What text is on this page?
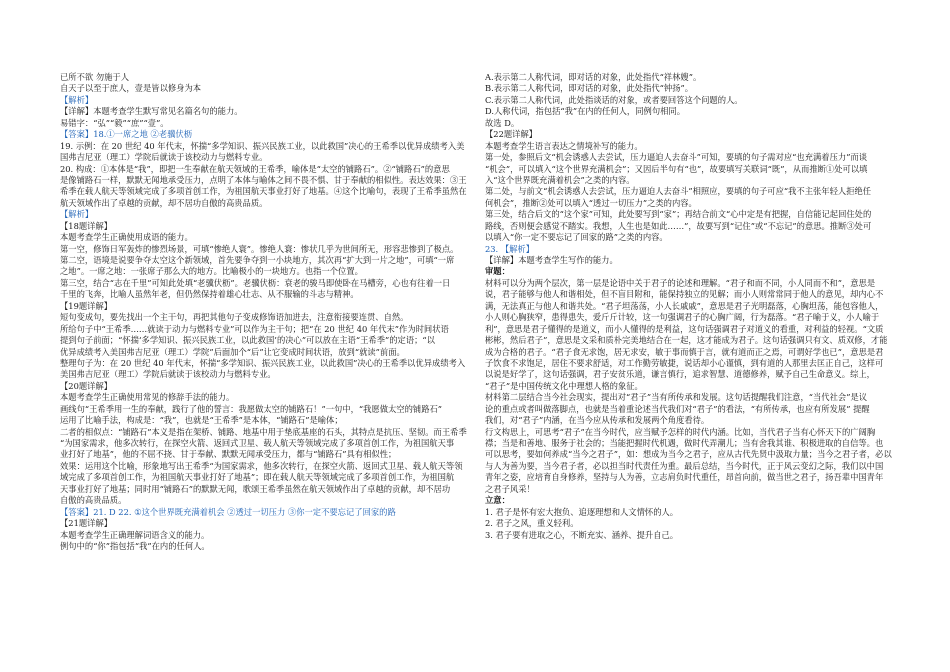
已所不欲 勿施于人
自天子以至于庶人，壹是皆以修身为本
【解析】
【详解】本题考查学生默写常见名篇名句的能力。
易错字：“弘”“毅”“庶”“壹”。
【答案】18.①一席之地 ②老骥伏枥
19. 示例：在 20 世纪 40 年代末，怀揣“多学知识、振兴民族工业，以此救国”决心的王希季以优异成绩考入美
国弗吉尼亚（理工）学院后就读于该校动力与燃料专业。
20. 构成：①本体是“我”，即把一生奉献在航天领域的王希季，喻体是“太空的铺路石”。②“铺路石”的意思
是像铺路石一样，默默无闻地承受压力，点明了本体与喻体之间不畏不惧、甘于奉献的相似性。表达效果：③王
希季在载人航天等领域完成了多项首创工作，为祖国航天事业打好了地基。④这个比喻句，表现了王希季虽然在
航天领域作出了卓越的贡献，却不居功自傲的高贵品质。
【解析】
【18题详解】
本题考查学生正确使用成语的能力。
第一空，修饰日军轰炸的惨烈场景，可填“惨绝人寰”。惨绝人寰：惨状几乎为世间所无，形容悲惨到了极点。
第二空，语境是说要争夺太空这个新领域，首先要争夺到一小块地方，其次再“扩大到一片之地”，可填“一席
之地”。一席之地：一张席子那么大的地方。比喻极小的一块地方。也指一个位置。
第三空，结合“志在千里”可知此处填“老骥伏枥”。老骥伏枥：衰老的骏马即使卧在马槽旁，心也有往着一日
千里的飞奔，比喻人虽然年老，但仍然保持着雄心壮志、从不服输的斗志与精神。
【19题详解】
短句变成句，要先找出一个主干句，再把其他句子变成修饰语加进去，注意衔接要连贯、自然。
所给句子中“王希季……就读于动力与燃料专业”可以作为主干句；把“在 20 世纪 40 年代末”作为时间状语
提到句子前面；“怀揣‘多学知识、振兴民族工业，以此救国’的决心”可以放在主语“王希季”的定语；“以
优异成绩考入美国弗吉尼亚（理工）学院”后面加个“后”让它变成时间状语，放到“就读”前面。
整理句子为：在 20 世纪 40 年代末，怀揣“多学知识、振兴民族工业，以此救国”决心的王希季以优异成绩考入
美国弗吉尼亚（理工）学院后就读于该校动力与燃料专业。
【20题详解】
本题考查学生正确使用常见的修辞手法的能力。
画线句“王希季用一生的奉献，践行了他的誓言：我愿做太空的铺路石！”一句中，“我愿做太空的铺路石”
运用了比喻手法，构成是：“我”，也就是“王希季”是本体，“铺路石”是喻体；
二者的相似点：“铺路石”本义是指在架桥、铺路、地基中用于垫底基座的石头，其特点是抗压、坚韧。而王希季
“为国家需求，他多次转行，在探空火箭、返回式卫星、载人航天等领域完成了多项首创工作，为祖国航天事
业打好了地基”，他的不屈不挠、甘于奉献、默默无闻承受压力，都与“铺路石”具有相似性；
效果：运用这个比喻，形象地写出王希季“为国家需求，他多次转行，在探空火箭、返回式卫星、载人航天等领
域完成了多项首创工作，为祖国航天事业打好了地基”；即在载人航天等领域完成了多项首创工作，为祖国航
天事业打好了地基；同时用“铺路石”的默默无闻，歌颂王希季虽然在航天领域作出了卓越的贡献，却不居功
自傲的高贵品质。
【答案】21. D 22. ①这个世界既充满着机会 ②透过一切压力 ③你一定不要忘记了回家的路
【21题详解】
本题考查学生正确理解词语含义的能力。
例句中的“你”指包括“我”在内的任何人。
A.表示第二人称代词，即对话的对象，此处指代“祥林嫂”。
B.表示第二人称代词，即对话的对象，此处指代“钟扬”。
C.表示第二人称代词，此处指谈话的对象，或者要回答这个问题的人。
D.人称代词，指包括“我”在内的任何人，同例句相同。
故选 D。
【22题详解】
本题考查学生语言表达之情境补写的能力。
第一处，参照后文“机会诱惑人去尝试，压力逼迫人去奋斗”可知，要填的句子需对应“也充满着压力”而谈
“机会”，可以填入“这个世界充满机会”；又因后半句有“也”，故要填写关联词“既”，从而推断①处可以填
入“这个世界既充满着机会”之类的内容。
第二处，与前文“机会诱惑人去尝试，压力逼迫人去奋斗”相照应，要填的句子可应“我不主张年轻人拒绝任
何机会”，推断②处可以填入“透过一切压力”之类的内容。
第三处，结合后文的“这个家”可知，此处要写到“家”；再结合前文“心中定是有把握，自信能记起回住处的
路线，否则便会感觉不踏实。我想，人生也是如此……”，故要写到“记住”或“不忘记”的意思。推断③处可
以填入“你一定不要忘记了回家的路”之类的内容。
23. 【解析】
【详解】本题考查学生写作的能力。
审题：
材料可以分为两个层次，第一层是论语中关于君子的论述和理解。“君子和而不同，小人同而不和”，意思是
说，君子能够与他人和谐相处，但不盲目附和，能保持独立的见解；而小人则常常同于他人的意见，却内心不
满，无法真正与他人和谐共处。“君子坦荡荡，小人长戚戚”，意思是君子光明磊落，心胸坦荡，能包容他人，
小人则心胸狭窄，患得患失，爱斤斤计较，这一句强调君子的心胸广阔，行为磊落。“君子喻于义，小人喻于
利”，意思是君子懂得的是道义，而小人懂得的是利益，这句话强调君子对道义的看重，对利益的轻视。“文质
彬彬，然后君子”，意思是文采和质朴完美地结合在一起，这才能成为君子。这句话强调只有文、质双修，才能
成为合格的君子。“君子食无求饱，居无求安，敏于事而慎于言，就有道而正之焉，可谓好学也已”，意思是君
子饮食不求饱足，居住不要求舒适，对工作勤劳敏捷，说话却小心谨慎，到有道的人那里去匡正自己，这样可
以说是好学了，这句话强调，君子安贫乐道，谦言慎行，追求智慧、道德修养，赋予自己生命意义。综上，
“君子”是中国传统文化中理想人格的象征。
材料第二层结合当今社会现实，提出对“君子”当有所传承和发展。这句话提醒我们注意，“当代社会”是议
论的重点或者叫做落脚点，也就是当着重论述当代我们对“君子”的看法，“有所传承，也应有所发展” 提醒
我们，对“君子”内涵，在当今应从传承和发展两个角度看待。
行文构思上，可思考“君子”在当今时代，应当赋予怎样的时代内涵。比如，当代君子当有心怀天下的广阔胸
襟；当是和善地、服务于社会的；当能把握时代机遇，做时代弄潮儿；当有舍我其谁、积极进取的自信等。也
可以思考，要如何养成“当今之君子”，如：想成为当今之君子，应从古代先贤中汲取力量；当今之君子者，必以
与人为善为要，当今君子者，必以担当时代责任为重。最后总结，当今时代，正于风云变幻之际，我们以中国
青年之姿，应培育自身修养，坚持与人为善，立志肩负时代重任，昂首向前，做当世之君子，扬吾辈中国青年
之君子风采！
立意：
1. 君子是怀有宏大抱负、追逐理想和人文情怀的人。
2. 君子之风，重义轻利。
3. 君子要有进取之心，不断充实、涵养、提升自己。
